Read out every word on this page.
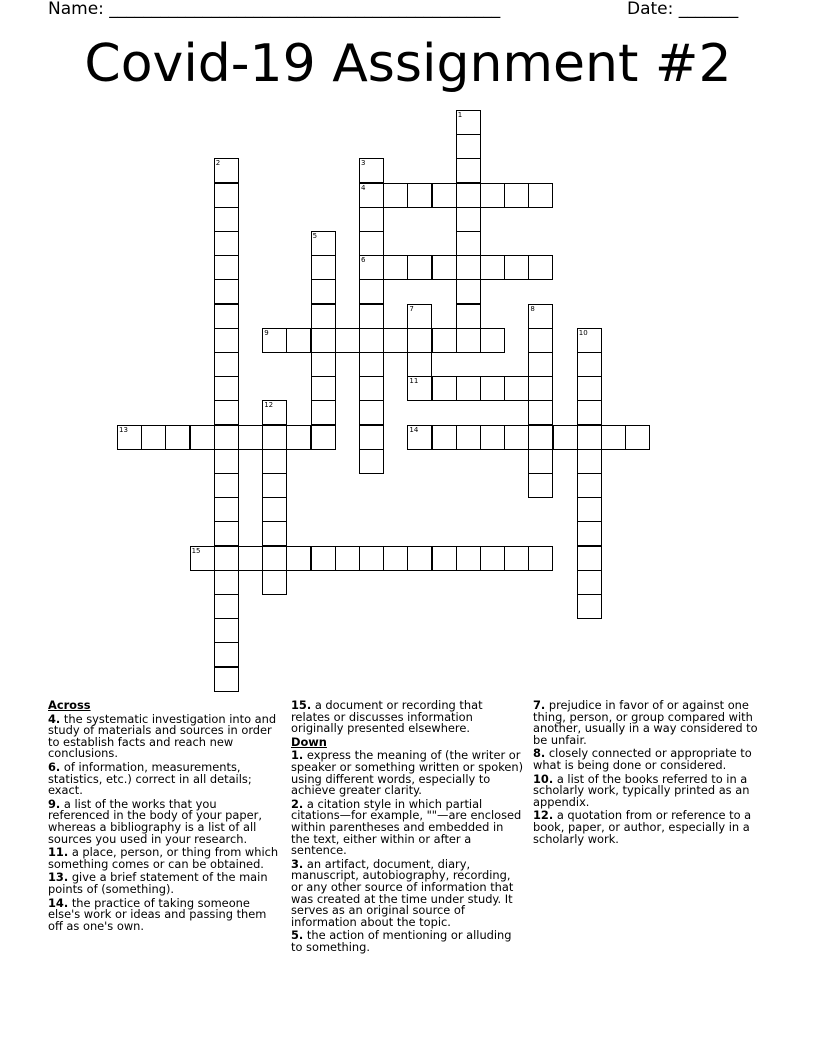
Name: ______________________________________________	Date: _______
Covid-19 Assignment #2
1
2	3
4
6
5
7
11
8
9	10
12
13	14
15
Across
4. the systematic investigation into and study of materials and sources in order to establish facts and reach new conclusions.
6. of information, measurements, statistics, etc.) correct in all details; exact.
9. a list of the works that you referenced in the body of your paper, whereas a bibliography is a list of all sources you used in your research.
11. a place, person, or thing from which something comes or can be obtained.
13. give a brief statement of the main points of (something).
14. the practice of taking someone else's work or ideas and passing them off as one's own.
15. a document or recording that relates or discusses information originally presented elsewhere.
Down
1. express the meaning of (the writer or speaker or something written or spoken) using different words, especially to achieve greater clarity.
2. a citation style in which partial citations—for example, ""—are enclosed within parentheses and embedded in the text, either within or after a sentence.
3. an artifact, document, diary, manuscript, autobiography, recording, or any other source of information that was created at the time under study. It serves as an original source of information about the topic.
5. the action of mentioning or alluding to something.
7. prejudice in favor of or against one thing, person, or group compared with another, usually in a way considered to be unfair.
8. closely connected or appropriate to what is being done or considered.
10. a list of the books referred to in a scholarly work, typically printed as an appendix.
12. a quotation from or reference to a book, paper, or author, especially in a scholarly work.
